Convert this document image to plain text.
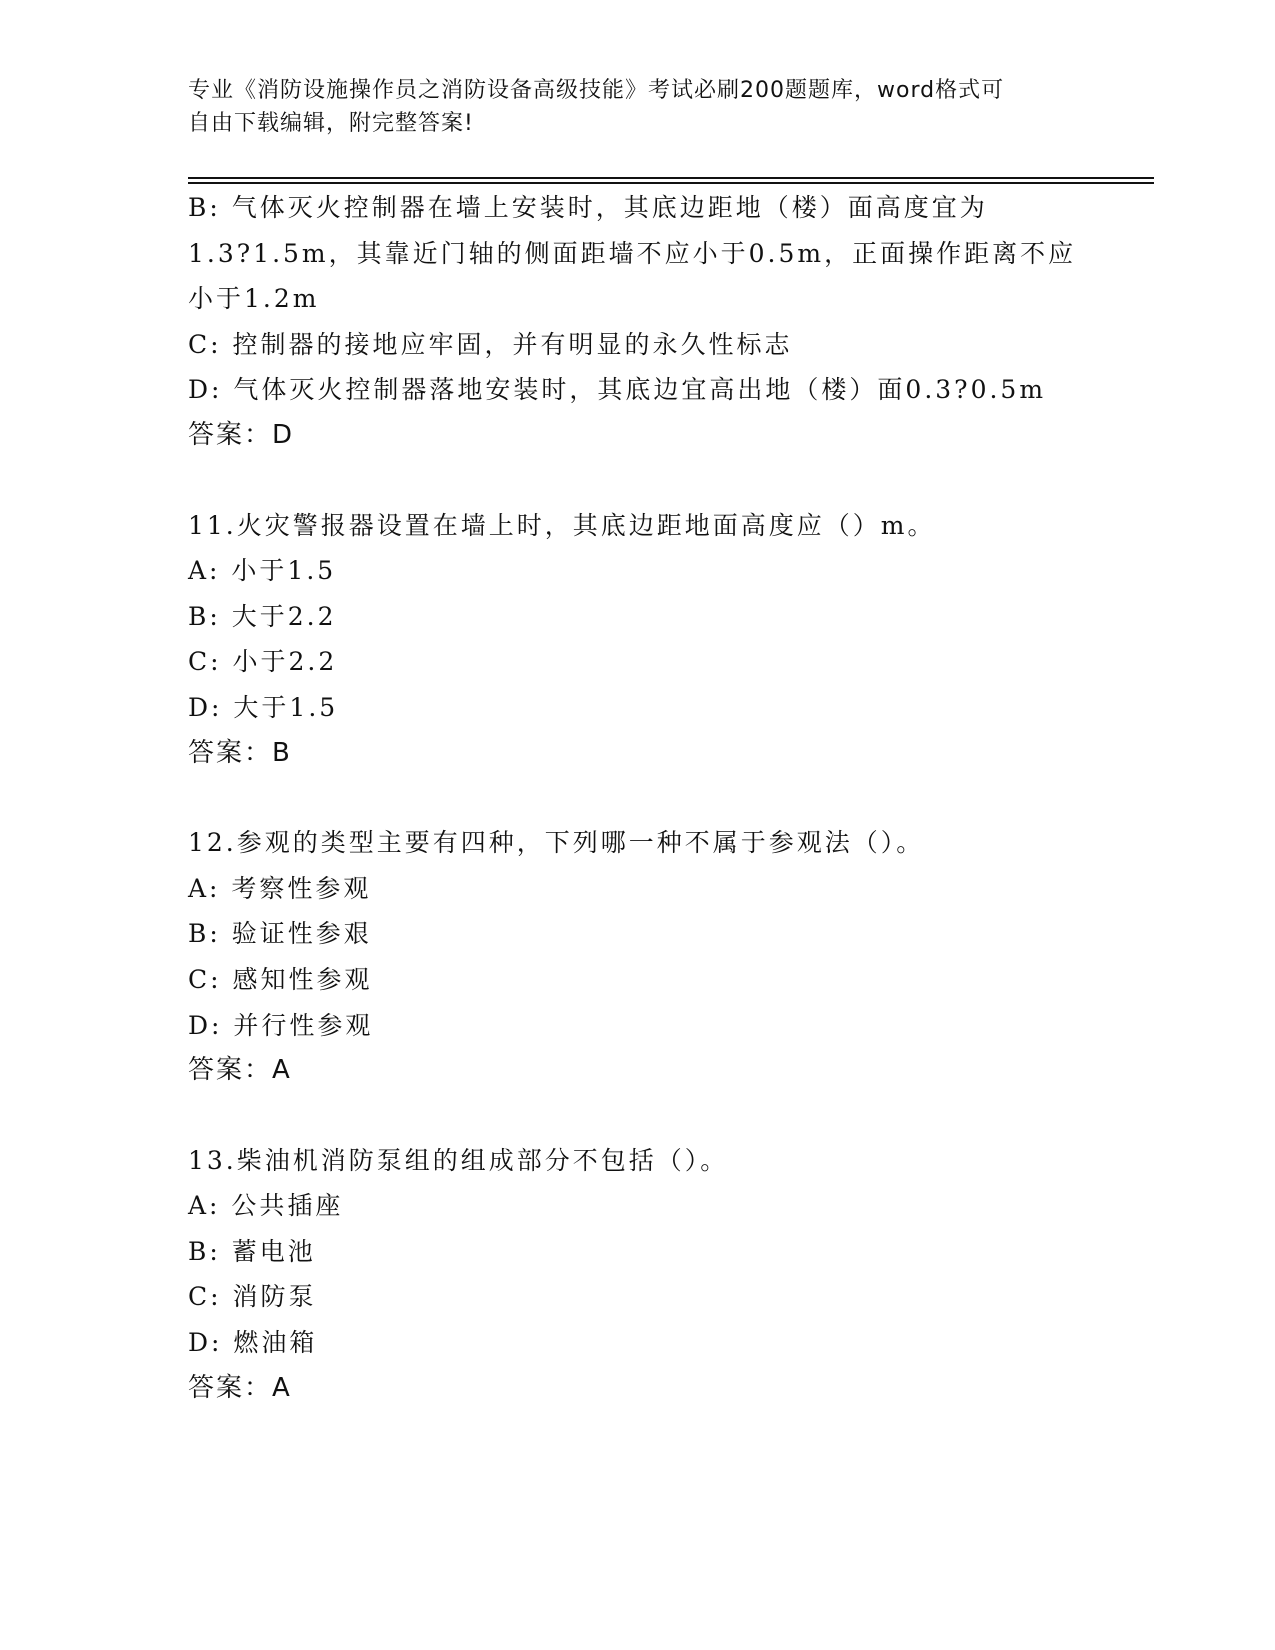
专业《消防设施操作员之消防设备高级技能》考试必刷200题题库，word格式可
自由下载编辑，附完整答案!
B: 气体灭火控制器在墙上安装时，其底边距地（楼）面高度宜为
1.3?1.5m，其靠近门轴的侧面距墙不应小于0.5m，正面操作距离不应
小于1.2m
C: 控制器的接地应牢固，并有明显的永久性标志
D: 气体灭火控制器落地安装时，其底边宜高出地（楼）面0.3?0.5m
答案：D
11.火灾警报器设置在墙上时，其底边距地面高度应（）m。
A: 小于1.5
B: 大于2.2
C: 小于2.2
D: 大于1.5
答案：B
12.参观的类型主要有四种，下列哪一种不属于参观法（）。
A: 考察性参观
B: 验证性参艰
C: 感知性参观
D: 并行性参观
答案：A
13.柴油机消防泵组的组成部分不包括（）。
A: 公共插座
B: 蓄电池
C: 消防泵
D: 燃油箱
答案：A
